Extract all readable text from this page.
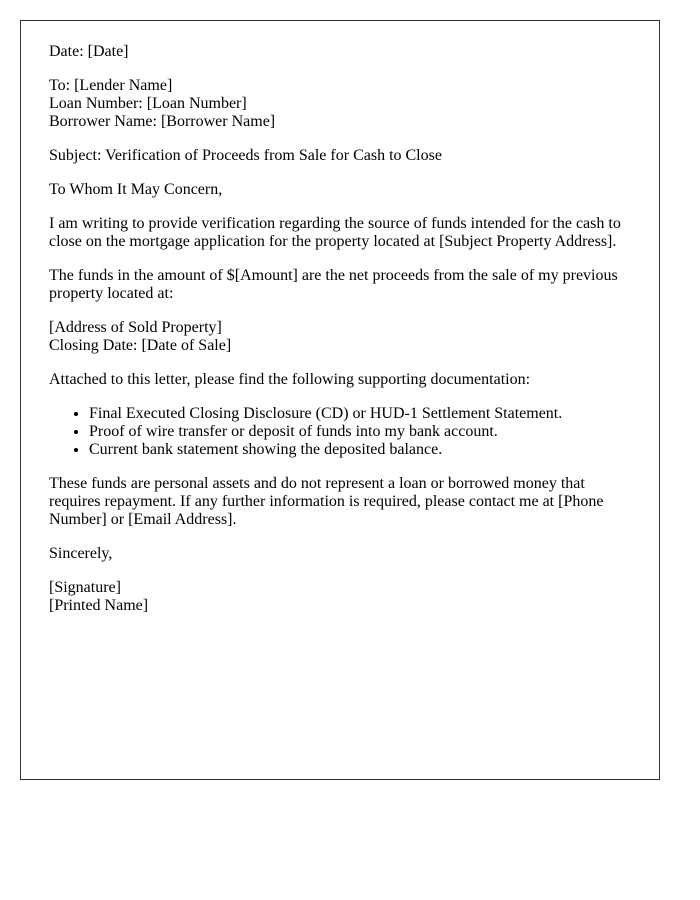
Date: [Date]

To: [Lender Name]
Loan Number: [Loan Number]
Borrower Name: [Borrower Name]

Subject: Verification of Proceeds from Sale for Cash to Close

To Whom It May Concern,

I am writing to provide verification regarding the source of funds intended for the cash to close on the mortgage application for the property located at [Subject Property Address].

The funds in the amount of $[Amount] are the net proceeds from the sale of my previous property located at:

[Address of Sold Property]
Closing Date: [Date of Sale]

Attached to this letter, please find the following supporting documentation:

• Final Executed Closing Disclosure (CD) or HUD-1 Settlement Statement.
• Proof of wire transfer or deposit of funds into my bank account.
• Current bank statement showing the deposited balance.

These funds are personal assets and do not represent a loan or borrowed money that requires repayment. If any further information is required, please contact me at [Phone Number] or [Email Address].

Sincerely,

[Signature]
[Printed Name]
